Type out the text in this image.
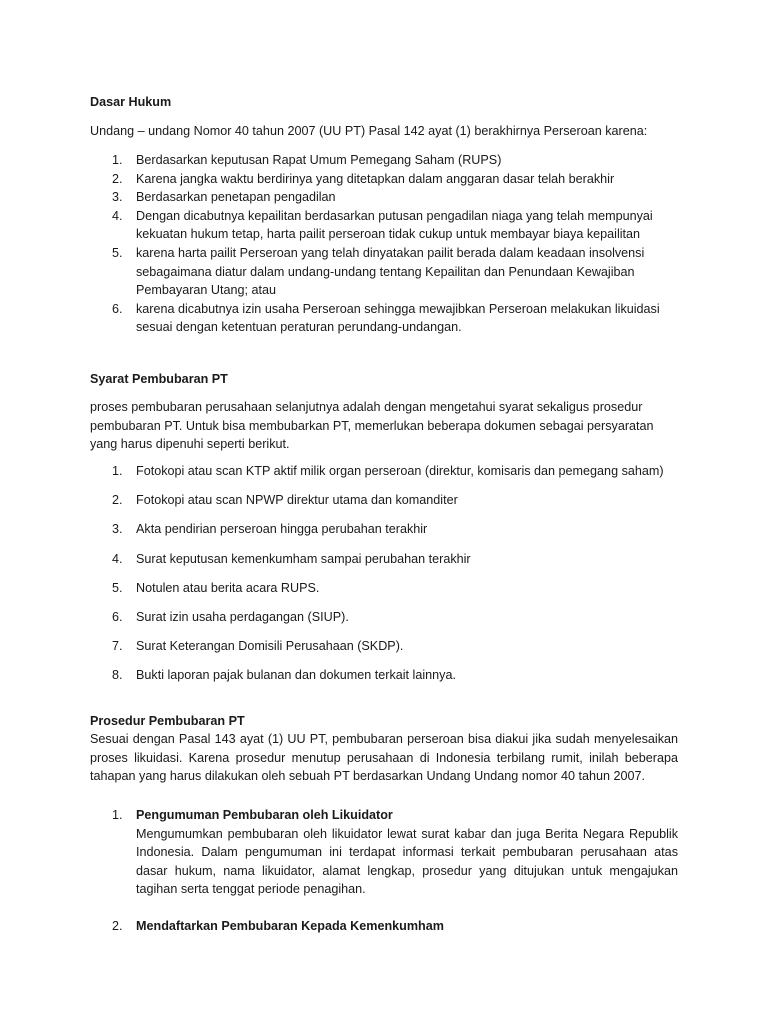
Dasar Hukum
Undang – undang Nomor 40 tahun 2007 (UU PT) Pasal 142 ayat (1) berakhirnya Perseroan karena:
1. Berdasarkan keputusan Rapat Umum Pemegang Saham (RUPS)
2. Karena jangka waktu berdirinya yang ditetapkan dalam anggaran dasar telah berakhir
3. Berdasarkan penetapan pengadilan
4. Dengan dicabutnya kepailitan berdasarkan putusan pengadilan niaga yang telah mempunyai kekuatan hukum tetap, harta pailit perseroan tidak cukup untuk membayar biaya kepailitan
5. karena harta pailit Perseroan yang telah dinyatakan pailit berada dalam keadaan insolvensi sebagaimana diatur dalam undang-undang tentang Kepailitan dan Penundaan Kewajiban Pembayaran Utang; atau
6. karena dicabutnya izin usaha Perseroan sehingga mewajibkan Perseroan melakukan likuidasi sesuai dengan ketentuan peraturan perundang-undangan.
Syarat Pembubaran PT
proses pembubaran perusahaan selanjutnya adalah dengan mengetahui syarat sekaligus prosedur pembubaran PT. Untuk bisa membubarkan PT, memerlukan beberapa dokumen sebagai persyaratan yang harus dipenuhi seperti berikut.
1. Fotokopi atau scan KTP aktif milik organ perseroan (direktur, komisaris dan pemegang saham)
2. Fotokopi atau scan NPWP direktur utama dan komanditer
3. Akta pendirian perseroan hingga perubahan terakhir
4. Surat keputusan kemenkumham sampai perubahan terakhir
5. Notulen atau berita acara RUPS.
6. Surat izin usaha perdagangan (SIUP).
7. Surat Keterangan Domisili Perusahaan (SKDP).
8. Bukti laporan pajak bulanan dan dokumen terkait lainnya.
Prosedur Pembubaran PT
Sesuai dengan Pasal 143 ayat (1) UU PT, pembubaran perseroan bisa diakui jika sudah menyelesaikan proses likuidasi. Karena prosedur menutup perusahaan di Indonesia terbilang rumit, inilah beberapa tahapan yang harus dilakukan oleh sebuah PT berdasarkan Undang Undang nomor 40 tahun 2007.
1. Pengumuman Pembubaran oleh Likuidator
Mengumumkan pembubaran oleh likuidator lewat surat kabar dan juga Berita Negara Republik Indonesia. Dalam pengumuman ini terdapat informasi terkait pembubaran perusahaan atas dasar hukum, nama likuidator, alamat lengkap, prosedur yang ditujukan untuk mengajukan tagihan serta tenggat periode penagihan.
2. Mendaftarkan Pembubaran Kepada Kemenkumham
